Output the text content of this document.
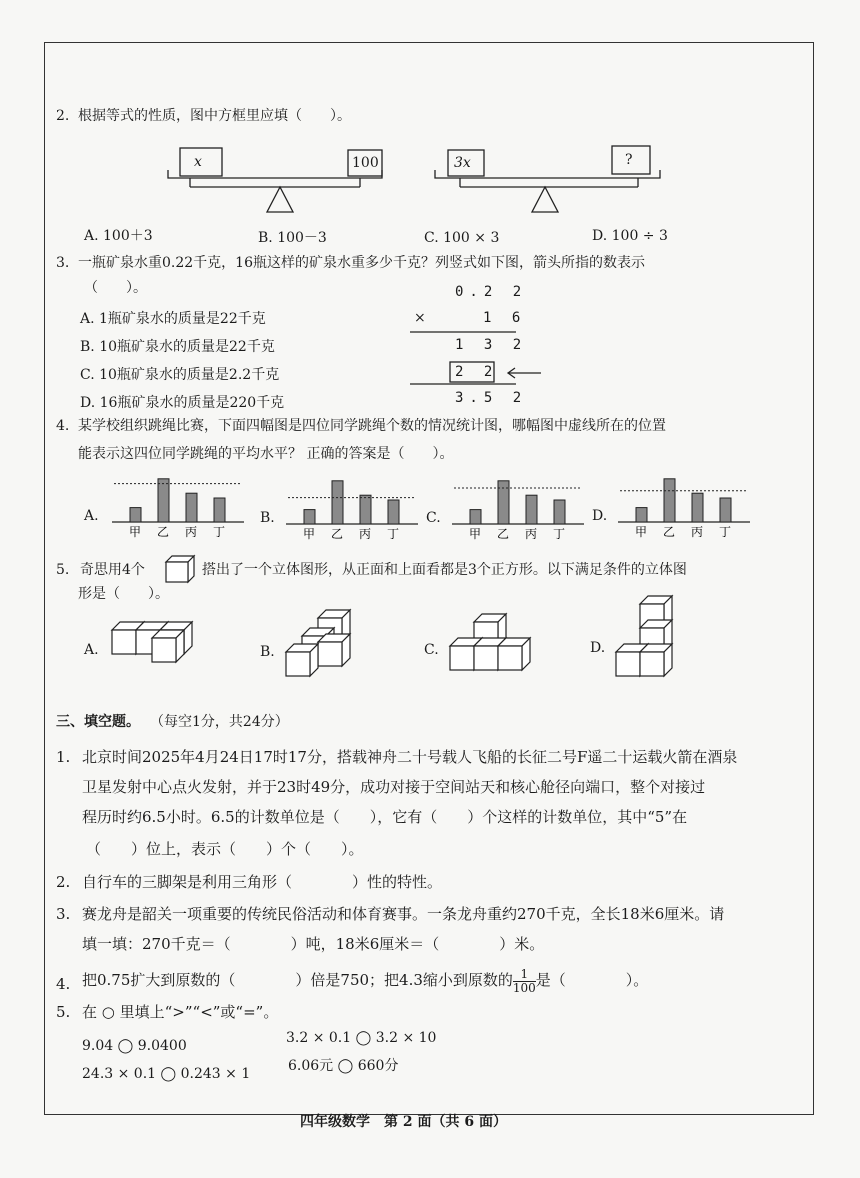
2. 根据等式的性质，图中方框里应填（　　）。
x	100	3x	?
A. 100＋3	B. 100－3	C. 100 × 3	D. 100 ÷ 3
3. 一瓶矿泉水重0.22千克，16瓶这样的矿泉水重多少千克？列竖式如下图，箭头所指的数表示
（　　）。
A. 1瓶矿泉水的质量是22千克
B. 10瓶矿泉水的质量是22千克
C. 10瓶矿泉水的质量是2.2千克
D. 16瓶矿泉水的质量是220千克
0.2 2
×	1 6
1 3 2
2 2
3.5 2
4. 某学校组织跳绳比赛，下面四幅图是四位同学跳绳个数的情况统计图，哪幅图中虚线所在的位置
能表示这四位同学跳绳的平均水平？ 正确的答案是（　　）。
A.	B.	C.	D.
甲 乙 丙 丁	甲 乙 丙 丁	甲 乙 丙 丁	甲 乙 丙 丁
5. 奇思用4个	搭出了一个立体图形，从正面和上面看都是3个正方形。以下满足条件的立体图
形是（　　）。
A.	B.	C.	D.
三、填空题。 （每空1分，共24分）
1. 北京时间2025年4月24日17时17分，搭载神舟二十号载人飞船的长征二号F遥二十运载火箭在酒泉
卫星发射中心点火发射，并于23时49分，成功对接于空间站天和核心舱径向端口，整个对接过
程历时约6.5小时。6.5的计数单位是（　　），它有（　　）个这样的计数单位，其中“5”在
（　　）位上，表示（　　）个（　　）。
2. 自行车的三脚架是利用三角形（　　　　）性的特性。
3. 赛龙舟是韶关一项重要的传统民俗活动和体育赛事。一条龙舟重约270千克，全长18米6厘米。请
填一填：270千克＝（　　　　）吨，18米6厘米＝（　　　　）米。
4. 把0.75扩大到原数的（　　　　）倍是750；把4.3缩小到原数的 $\frac{1}{100}$ 是（　　　　）。
5. 在 ○ 里填上“>”“<”或“=”。
9.04 ◯ 9.0400	3.2 × 0.1 ◯ 3.2 × 10
24.3 × 0.1 ◯ 0.243 × 1	6.06元 ◯ 660分
四年级数学　第 2 面（共 6 面）
